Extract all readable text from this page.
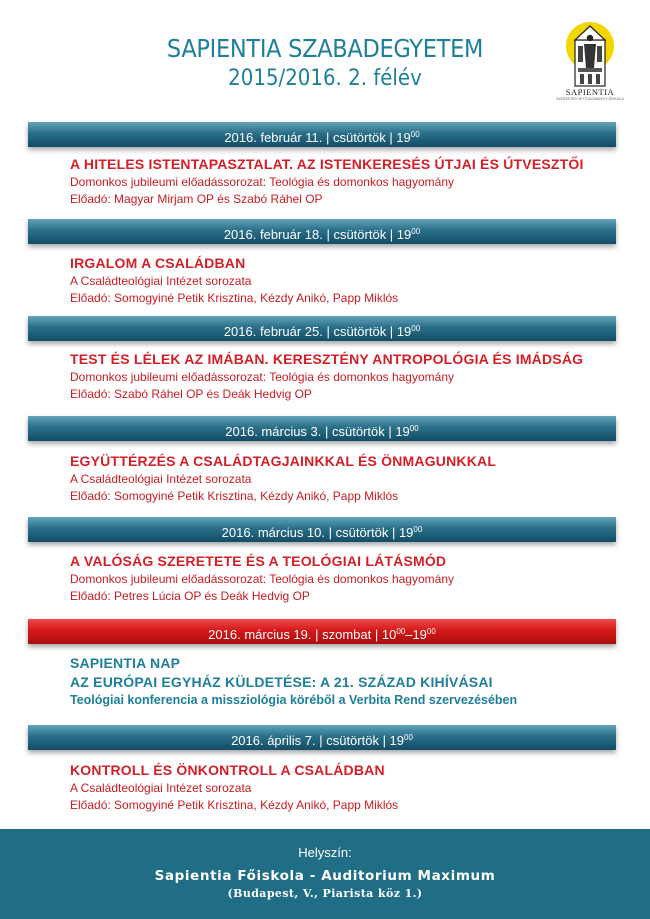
SAPIENTIA SZABADEGYETEM
2015/2016. 2. félév
SAPIENTIA
SZERZETESI HITTUDOMÁNYI FŐISKOLA
2016. február 11. | csütörtök | $19^{00}$
A HITELES ISTENTAPASZTALAT. AZ ISTENKERESÉS ÚTJAI ÉS ÚTVESZTŐI
Domonkos jubileumi előadássorozat: Teológia és domonkos hagyomány
Előadó: Magyar Mirjam OP és Szabó Ráhel OP
2016. február 18. | csütörtök | $19^{00}$
IRGALOM A CSALÁDBAN
A Családteológiai Intézet sorozata
Előadó: Somogyiné Petik Krisztina, Kézdy Anikó, Papp Miklós
2016. február 25. | csütörtök | $19^{00}$
TEST ÉS LÉLEK AZ IMÁBAN. KERESZTÉNY ANTROPOLÓGIA ÉS IMÁDSÁG
Domonkos jubileumi előadássorozat: Teológia és domonkos hagyomány
Előadó: Szabó Ráhel OP és Deák Hedvig OP
2016. március 3. | csütörtök | $19^{00}$
EGYÜTTÉRZÉS A CSALÁDTAGJAINKKAL ÉS ÖNMAGUNKKAL
A Családteológiai Intézet sorozata
Előadó: Somogyiné Petik Krisztina, Kézdy Anikó, Papp Miklós
2016. március 10. | csütörtök | $19^{00}$
A VALÓSÁG SZERETETE ÉS A TEOLÓGIAI LÁTÁSMÓD
Domonkos jubileumi előadássorozat: Teológia és domonkos hagyomány
Előadó: Petres Lúcia OP és Deák Hedvig OP
2016. március 19. | szombat | $10^{00}-19^{00}$
SAPIENTIA NAP
AZ EURÓPAI EGYHÁZ KÜLDETÉSE: A 21. SZÁZAD KIHÍVÁSAI
Teológiai konferencia a missziológia köréből a Verbita Rend szervezésében
2016. április 7. | csütörtök | $19^{00}$
KONTROLL ÉS ÖNKONTROLL A CSALÁDBAN
A Családteológiai Intézet sorozata
Előadó: Somogyiné Petik Krisztina, Kézdy Anikó, Papp Miklós
Helyszín:
Sapientia Főiskola - Auditorium Maximum
(Budapest, V., Piarista köz 1.)
